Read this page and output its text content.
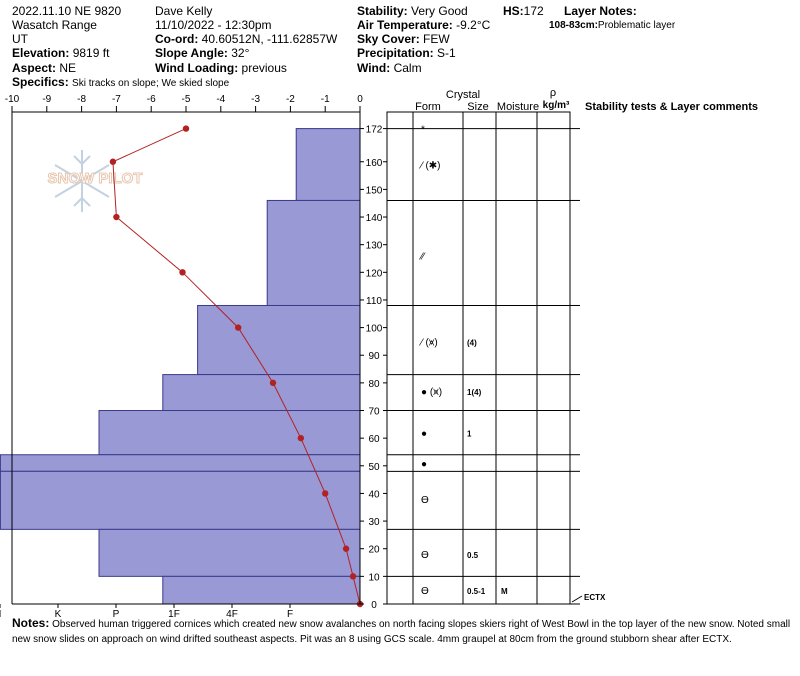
2022.11.10 NE 9820
Wasatch Range
UT
Elevation: 9819 ft
Aspect: NE
Specifics: Ski tracks on slope; We skied slope
Dave Kelly
11/10/2022 - 12:30pm
Co-ord: 40.60512N, -111.62857W
Slope Angle: 32°
Wind Loading: previous
Stability: Very Good
Air Temperature: -9.2°C
Sky Cover: FEW
Precipitation: S-1
Wind: Calm
HS:172 Layer Notes:
108-83cm:Problematic layer
Crystal
Form Size Moisture
ρ
kg/m³ Stability tests & Layer comments
SNOW PILOT
*
⁄ (✱)
⁄⁄
⁄ (⩙)	(4)
● (⩙)	1(4)
●	1
●
ϴ
ϴ	0.5
ϴ	0.5-1 M
ECTX
-10 -9	-8	-7	-6	-5	-4	-3	-2	-1	0
K	P	1F	4F	F
0
10
20
30
40
50
60
70
80
90
100
110
120
130
140
150
160
172
Notes: Observed human triggered cornices which created new snow avalanches on north facing slopes skiers right of West Bowl in the top layer of the new snow. Noted small new snow slides on approach on wind drifted southeast aspects. Pit was an 8 using GCS scale. 4mm graupel at 80cm from the ground stubborn shear after ECTX.
